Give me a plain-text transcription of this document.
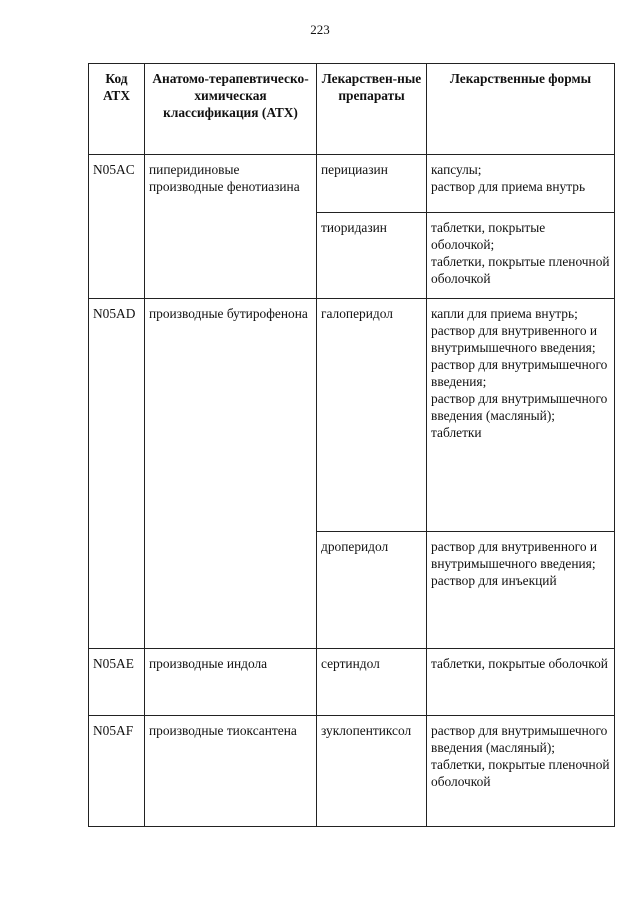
223
Код АТХ	Анатомо-терапевтическо-химическая классификация (АТХ)	Лекарствен-ные препараты	Лекарственные формы
N05AC	пиперидиновые производные фенотиазина	перициазин	капсулы;
раствор для приема внутрь

		тиоридазин	таблетки, покрытые оболочкой;
таблетки, покрытые пленочной оболочкой

N05AD	производные бутирофенона	галоперидол	капли для приема внутрь;
раствор для внутривенного и внутримышечного введения;
раствор для внутримышечного введения;
раствор для внутримышечного введения (масляный);
таблетки

		дроперидол	раствор для внутривенного и внутримышечного введения;
раствор для инъекций

N05AE	производные индола	сертиндол	таблетки, покрытые оболочкой

N05AF	производные тиоксантена	зуклопентиксол	раствор для внутримышечного введения (масляный);
таблетки, покрытые пленочной оболочкой
